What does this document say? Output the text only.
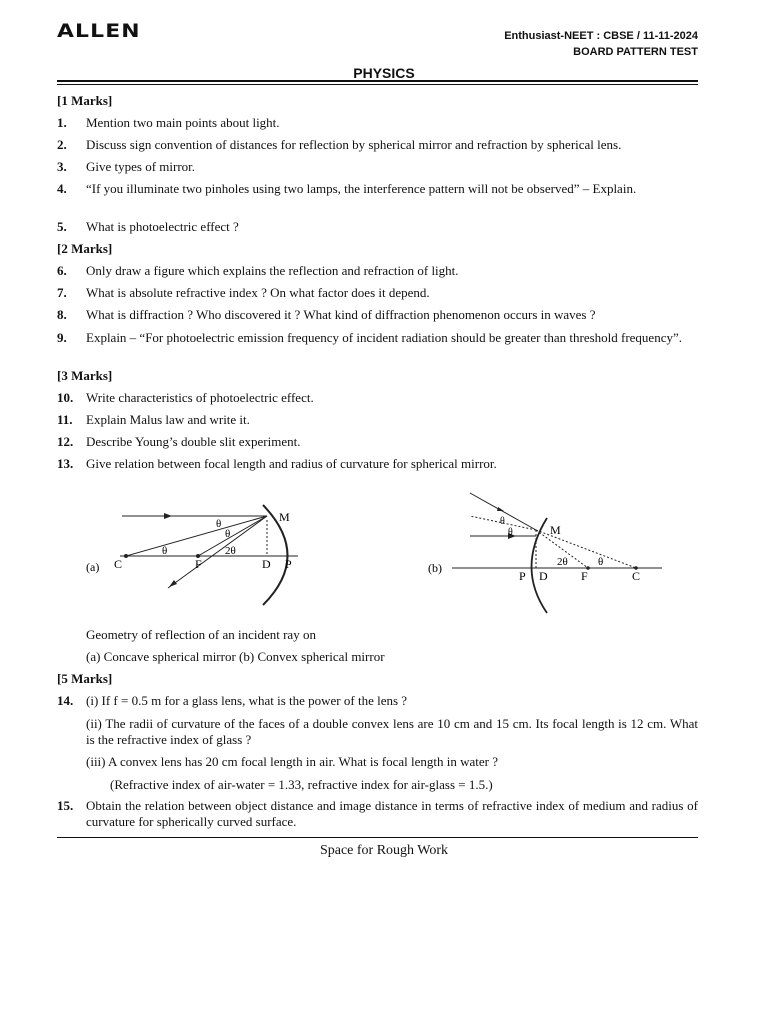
ALLEN	Enthusiast-NEET : CBSE / 11-11-2024
BOARD PATTERN TEST
PHYSICS
[1 Marks]
1. Mention two main points about light.
2. Discuss sign convention of distances for reflection by spherical mirror and refraction by spherical lens.
3. Give types of mirror.
4. “If you illuminate two pinholes using two lamps, the interference pattern will not be observed” – Explain.
5. What is photoelectric effect ?
[2 Marks]
6. Only draw a figure which explains the reflection and refraction of light.
7. What is absolute refractive index ? On what factor does it depend.
8. What is diffraction ? Who discovered it ? What kind of diffraction phenomenon occurs in waves ?
9. Explain – “For photoelectric emission frequency of incident radiation should be greater than threshold frequency”.
[3 Marks]
10. Write characteristics of photoelectric effect.
11. Explain Malus law and write it.
12. Describe Young’s double slit experiment.
13. Give relation between focal length and radius of curvature for spherical mirror.
(a) C	F	D P
M
θ
θ
θ	2θ
(b)
M
P D	F	C
θ
θ
2θ	θ
Geometry of reflection of an incident ray on
(a) Concave spherical mirror (b) Convex spherical mirror
[5 Marks]
14. (i) If f = 0.5 m for a glass lens, what is the power of the lens ?
(ii) The radii of curvature of the faces of a double convex lens are 10 cm and 15 cm. Its focal length is 12 cm. What is the refractive index of glass ?
(iii) A convex lens has 20 cm focal length in air. What is focal length in water ?
(Refractive index of air-water = 1.33, refractive index for air-glass = 1.5.)
15. Obtain the relation between object distance and image distance in terms of refractive index of medium and radius of curvature for spherically curved surface.
Space for Rough Work
